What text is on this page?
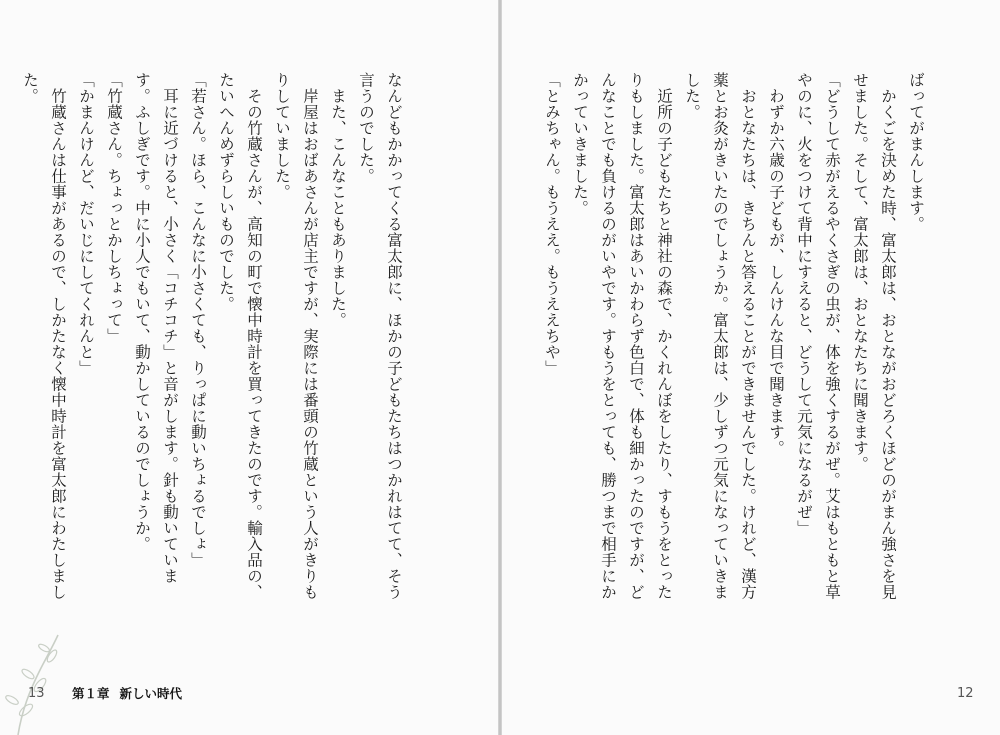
なんどもかかってくる富太郎に、ほかの子どもたちはつかれはてて、そう言うのでした。

また、こんなこともありました。

岸屋はおばあさんが店主ですが、実際には番頭の竹蔵という人がきりもりしていました。

その竹蔵さんが、高知の町で懐中時計を買ってきたのです。輸入品の、たいへんめずらしいものでした。

「若さん。ほら、こんなに小さくても、りっぱに動いちょるでしょ」

耳に近づけると、小さく「コチコチ」と音がします。針も動いています。ふしぎです。中に小人でもいて、動かしているのでしょうか。

「竹蔵さん。ちょっとかしちょって」

「かまんけんど、だいじにしてくれんと」

竹蔵さんは仕事があるので、しかたなく懐中時計を富太郎にわたしました。

13 第１章 新しい時代

ばってがまんします。

かくごを決めた時、富太郎は、おとながおどろくほどのがまん強さを見せました。そして、富太郎は、おとなたちに聞きます。

「どうして赤がえるやくさぎの虫が、体を強くするがぜ。艾はもともと草やのに、火をつけて背中にすえると、どうして元気になるがぜ」

わずか六歳の子どもが、しんけんな目で聞きます。

おとなたちは、きちんと答えることができませんでした。けれど、漢方薬とお灸がきいたのでしょうか。富太郎は、少しずつ元気になっていきました。

近所の子どもたちと神社の森で、かくれんぼをしたり、すもうをとったりもしました。富太郎はあいかわらず色白で、体も細かったのですが、どんなことでも負けるのがいやです。すもうをとっても、勝つまで相手にかかっていきました。

「とみちゃん。もうええ。もうええちや」

12
